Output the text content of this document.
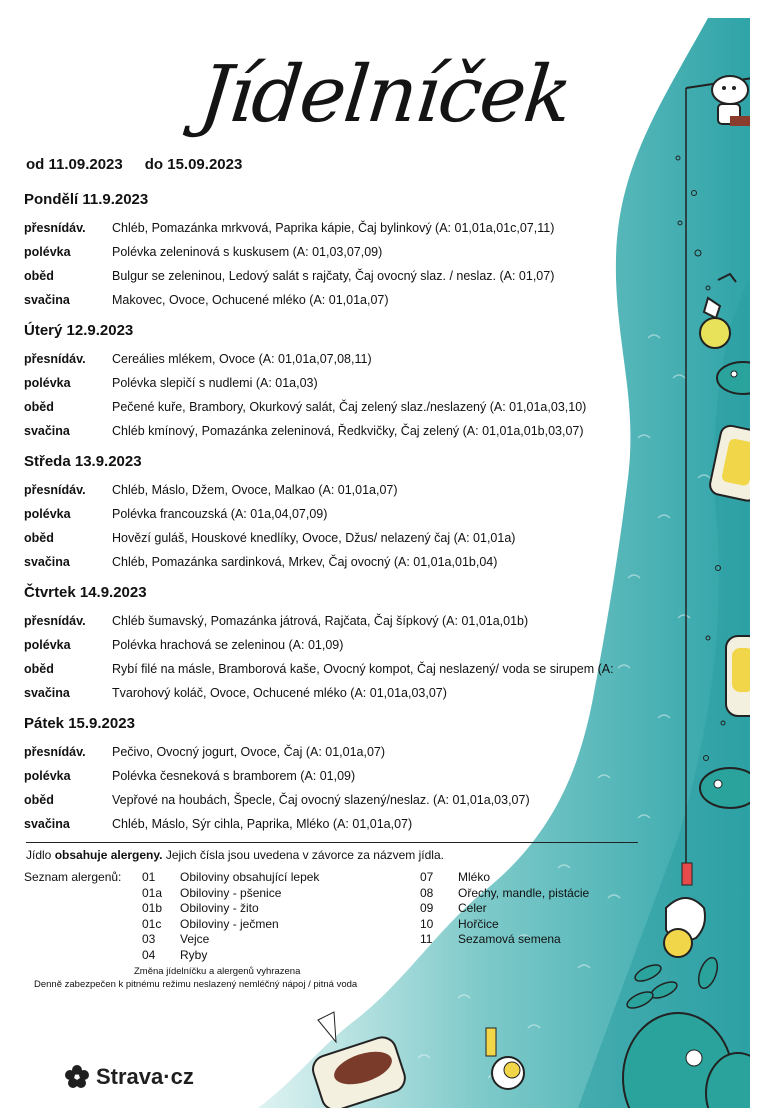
Jídelníček
od 11.09.2023 do 15.09.2023
Pondělí 11.9.2023
přesnídáv.	Chléb, Pomazánka mrkvová, Paprika kápie, Čaj bylinkový (A: 01,01a,01c,07,11)
polévka	Polévka zeleninová s kuskusem (A: 01,03,07,09)
oběd	Bulgur se zeleninou, Ledový salát s rajčaty, Čaj ovocný slaz. / neslaz. (A: 01,07)
svačina	Makovec, Ovoce, Ochucené mléko (A: 01,01a,07)
Úterý 12.9.2023
přesnídáv.	Cereálies mlékem, Ovoce (A: 01,01a,07,08,11)
polévka	Polévka slepičí s nudlemi (A: 01a,03)
oběd	Pečené kuře, Brambory, Okurkový salát, Čaj zelený slaz./neslazený (A: 01,01a,03,10)
svačina	Chléb kmínový, Pomazánka zeleninová, Ředkvičky, Čaj zelený (A: 01,01a,01b,03,07)
Středa 13.9.2023
přesnídáv.	Chléb, Máslo, Džem, Ovoce, Malkao (A: 01,01a,07)
polévka	Polévka francouzská (A: 01a,04,07,09)
oběd	Hovězí guláš, Houskové knedlíky, Ovoce, Džus/ nelazený čaj (A: 01,01a)
svačina	Chléb, Pomazánka sardinková, Mrkev, Čaj ovocný (A: 01,01a,01b,04)
Čtvrtek 14.9.2023
přesnídáv.	Chléb šumavský, Pomazánka játrová, Rajčata, Čaj šípkový (A: 01,01a,01b)
polévka	Polévka hrachová se zeleninou (A: 01,09)
oběd	Rybí filé na másle, Bramborová kaše, Ovocný kompot, Čaj neslazený/ voda se sirupem (A:
svačina	Tvarohový koláč, Ovoce, Ochucené mléko (A: 01,01a,03,07)
Pátek 15.9.2023
přesnídáv.	Pečivo, Ovocný jogurt, Ovoce, Čaj (A: 01,01a,07)
polévka	Polévka česneková s bramborem (A: 01,09)
oběd	Vepřové na houbách, Špecle, Čaj ovocný slazený/neslaz. (A: 01,01a,03,07)
svačina	Chléb, Máslo, Sýr cihla, Paprika, Mléko (A: 01,01a,07)
Jídlo obsahuje alergeny. Jejich čísla jsou uvedena v závorce za názvem jídla.
Seznam alergenů: 01 Obiloviny obsahující lepek
01a Obiloviny - pšenice
01b Obiloviny - žito
01c Obiloviny - ječmen
03 Vejce
04 Ryby
07 Mléko
08 Ořechy, mandle, pistácie
09 Celer
10 Hořčice
11 Sezamová semena
Změna jídelníčku a alergenů vyhrazena
Denně zabezpečen k pitnému režimu neslazený nemléčný nápoj / pitná voda
Strava·cz
